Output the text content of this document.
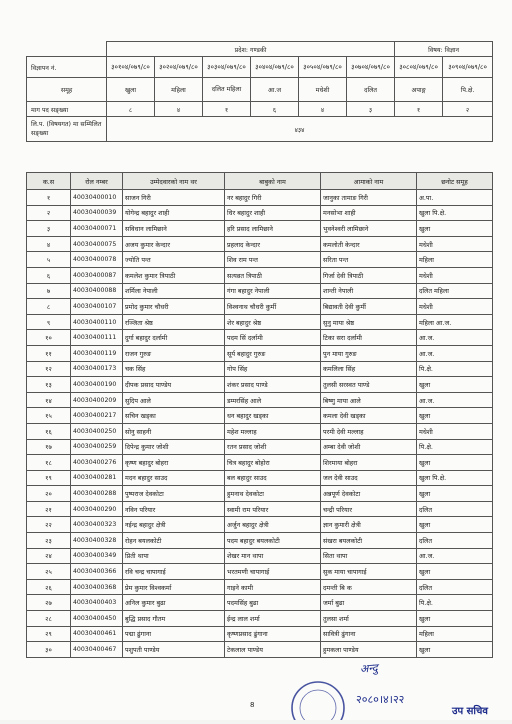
	प्रदेश: गण्डकी						विषय: विज्ञान	
विज्ञापन नं.	३०१०४/०७९/८०	३०२०४/०७९/८०	३०३०४/०७९/८०	३०४०४/०७९/८०	३०५०४/०७९/८०	३०७०४/०७९/८०	३०८०४/०७९/८०	३०९०४/०७९/८०
समूह	खुला	महिला	दलित महिला	आ.ज	मधेशी	दलित	अपाङ्ग	पि.क्षे.
माग पद सङ्ख्या	८	४	१	६	४	३	१	२
लि.प. (विषयगत) मा सम्मिलित सङ्ख्या	४३४							
क.स	रोल नम्बर	उम्मेदवारको नाम थर	बाबुको नाम	आमाको नाम	छनोट समूह
१	40030400010	साजन गिरी	नर बहादुर गिरी	जानुका तामाङ गिरी	अ.पा.
२	40030400039	योगेन्द्र बहादुर शाही	धिर बहादुर शाही	मनसोभा शाही	खुला पि.क्षे.
३	40030400071	सविधान लामिछाने	हरि प्रसाद लामिछाने	भुवनेश्वरी लामिछाने	खुला
४	40030400075	अजय कुमार केन्दार	प्रहलाद केन्दार	कमलोती केन्दार	मधेशी
५	40030400078	ज्योति पन्त	शिव राम पन्त	सरिता पन्त	महिला
६	40030400087	कमलेश कुमार त्रिपाठी	सत्यव्रत त्रिपाठी	गिर्जा देवी त्रिपाठी	मधेशी
७	40030400088	शर्मिला नेपाली	गंगा बहादुर नेपाली	शान्ती नेपाली	दलित महिला
८	40030400107	प्रमोद कुमार चौधरी	विश्वनाथ चौधरी कुर्मी	बिद्यावती देवी कुर्मी	मधेशी
९	40030400110	रञ्जिता श्रेष्ठ	शेर बहादुर श्रेष्ठ	सुनु माया श्रेष्ठ	महिला आ.ज.
१०	40030400111	दुर्गा बहादुर दर्लामी	पदम सिं दर्लामी	टिका सरा दर्लामी	आ.ज.
११	40030400119	राजन गुरुङ	सूर्य बहादुर गुरुङ	पुन माया गुरुङ	आ.ज.
१२	40030400173	चक सिंह	गोप सिंह	कमलिला सिंह	पि.क्षे.
१३	40030400190	दीपक प्रसाद पाण्डेय	शंकर प्रसाद पाण्डे	तुलसी सरस्वत पाण्डे	खुला
१४	40030400209	सुदिप आले	डम्मरसिंह आले	बिष्णु माया आले	आ.ज.
१५	40030400217	सचिन खड्का	धन बहादुर खड्का	कमला देवी खड्का	खुला
१६	40030400250	सोनु साहनी	महेश मल्लाह	परमी देवी मल्लाह	मधेशी
१७	40030400259	दिपेन्द्र कुमार जोशी	रतन प्रसाद जोशी	अम्बा देवी जोशी	पि.क्षे.
१८	40030400276	कृष्ण बहादुर बोहरा	चित्र बहादुर बोहोरा	शिरमाया बोहरा	खुला
१९	40030400281	मदन बहादुर साउद	बल बहादुर साउद	जल देवी साउद	खुला पि.क्षे.
२०	40030400288	पुष्पराज देवकोटा	हुमनाथ देवकोटा	अन्नपूर्ण देवकोटा	खुला
२१	40030400290	नविन परियार	स्वामी राम परियार	चन्द्री परियार	दलित
२२	40030400323	नईन्द्र बहादुर क्षेत्री	अर्जुन बहादुर क्षेत्री	ज्ञान कुमारी क्षेत्री	खुला
२३	40030400328	रोहन बयलकोटी	पदम बहादुर बयलकोटी	संखरा बयलकोटी	दलित
२४	40030400349	प्रिती थापा	शेखर मान थापा	सिता थापा	आ.ज.
२५	40030400366	रवि चन्द्र चापागाई	भरतमणी चापागाई	सुक माया चापागाई	खुला
२६	40030400368	प्रेम कुमार विश्वकर्मा	गाइने कामी	दमन्ती बि क	दलित
२७	40030400403	अनिल कुमार बुढा	पदमसिंह बुढा	जर्मा बुढा	पि.क्षे.
२८	40030400450	बुद्धि प्रसाद गौतम	ईन्द्र लाल शर्मा	तुलसा शर्मा	खुला
२९	40030400461	पद्मा ढुंगाना	कृष्णप्रसाद ढुंगाना	सावित्री ढुंगाना	महिला
३०	40030400467	पशुपती पाण्डेय	टेकलाल पाण्डेय	हुमकला पाण्डेय	खुला
8
अन्दु
२०८०।४।२२
उप सचिव
